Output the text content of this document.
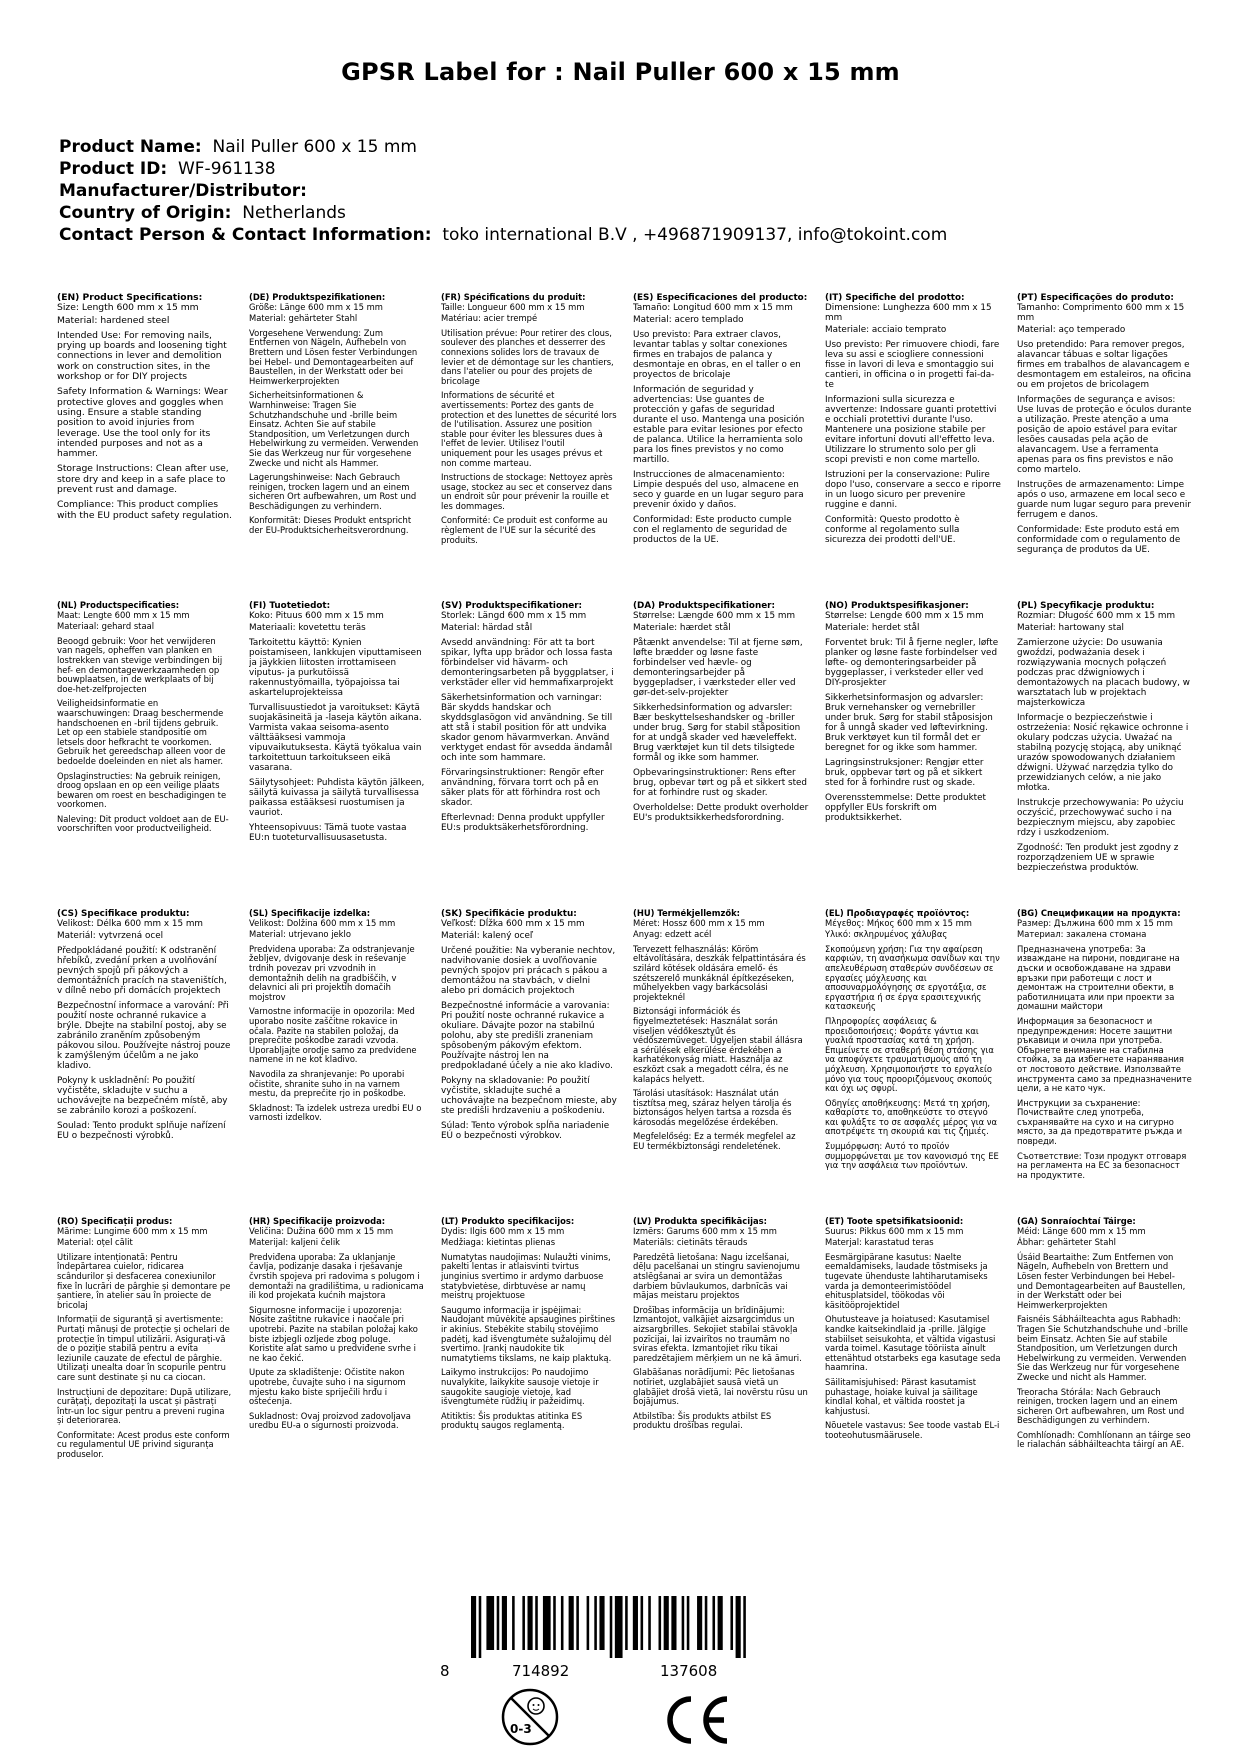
GPSR Label for : Nail Puller 600 x 15 mm
Product Name: Nail Puller 600 x 15 mm
Product ID: WF-961138
Manufacturer/Distributor:
Country of Origin: Netherlands
Contact Person & Contact Information: toko international B.V , +496871909137, info@tokoint.com
(EN) Product Specifications:
Size: Length 600 mm x 15 mm
Material: hardened steel
Intended Use: For removing nails, prying up boards and loosening tight connections in lever and demolition work on construction sites, in the workshop or for DIY projects
Safety Information & Warnings: Wear protective gloves and goggles when using. Ensure a stable standing position to avoid injuries from leverage. Use the tool only for its intended purposes and not as a hammer.
Storage Instructions: Clean after use, store dry and keep in a safe place to prevent rust and damage.
Compliance: This product complies with the EU product safety regulation.
(DE) Produktspezifikationen:
Größe: Länge 600 mm x 15 mm
Material: gehärteter Stahl
Vorgesehene Verwendung: Zum Entfernen von Nägeln, Aufhebeln von Brettern und Lösen fester Verbindungen bei Hebel- und Demontagearbeiten auf Baustellen, in der Werkstatt oder bei Heimwerkerprojekten
Sicherheitsinformationen & Warnhinweise: Tragen Sie Schutzhandschuhe und -brille beim Einsatz. Achten Sie auf stabile Standposition, um Verletzungen durch Hebelwirkung zu vermeiden. Verwenden Sie das Werkzeug nur für vorgesehene Zwecke und nicht als Hammer.
Lagerungshinweise: Nach Gebrauch reinigen, trocken lagern und an einem sicheren Ort aufbewahren, um Rost und Beschädigungen zu verhindern.
Konformität: Dieses Produkt entspricht der EU-Produktsicherheitsverordnung.
(FR) Spécifications du produit:
Taille: Longueur 600 mm x 15 mm
Matériau: acier trempé
Utilisation prévue: Pour retirer des clous, soulever des planches et desserrer des connexions solides lors de travaux de levier et de démontage sur les chantiers, dans l'atelier ou pour des projets de bricolage
Informations de sécurité et avertissements: Portez des gants de protection et des lunettes de sécurité lors de l'utilisation. Assurez une position stable pour éviter les blessures dues à l'effet de levier. Utilisez l'outil uniquement pour les usages prévus et non comme marteau.
Instructions de stockage: Nettoyez après usage, stockez au sec et conservez dans un endroit sûr pour prévenir la rouille et les dommages.
Conformité: Ce produit est conforme au règlement de l'UE sur la sécurité des produits.
(ES) Especificaciones del producto:
Tamaño: Longitud 600 mm x 15 mm
Material: acero templado
Uso previsto: Para extraer clavos, levantar tablas y soltar conexiones firmes en trabajos de palanca y desmontaje en obras, en el taller o en proyectos de bricolaje
Información de seguridad y advertencias: Use guantes de protección y gafas de seguridad durante el uso. Mantenga una posición estable para evitar lesiones por efecto de palanca. Utilice la herramienta solo para los fines previstos y no como martillo.
Instrucciones de almacenamiento: Limpie después del uso, almacene en seco y guarde en un lugar seguro para prevenir óxido y daños.
Conformidad: Este producto cumple con el reglamento de seguridad de productos de la UE.
(IT) Specifiche del prodotto:
Dimensione: Lunghezza 600 mm x 15 mm
Materiale: acciaio temprato
Uso previsto: Per rimuovere chiodi, fare leva su assi e sciogliere connessioni fisse in lavori di leva e smontaggio sui cantieri, in officina o in progetti fai-da-te
Informazioni sulla sicurezza e avvertenze: Indossare guanti protettivi e occhiali protettivi durante l'uso. Mantenere una posizione stabile per evitare infortuni dovuti all'effetto leva. Utilizzare lo strumento solo per gli scopi previsti e non come martello.
Istruzioni per la conservazione: Pulire dopo l'uso, conservare a secco e riporre in un luogo sicuro per prevenire ruggine e danni.
Conformità: Questo prodotto è conforme al regolamento sulla sicurezza dei prodotti dell'UE.
(PT) Especificações do produto:
Tamanho: Comprimento 600 mm x 15 mm
Material: aço temperado
Uso pretendido: Para remover pregos, alavancar tábuas e soltar ligações firmes em trabalhos de alavancagem e desmontagem em estaleiros, na oficina ou em projetos de bricolagem
Informações de segurança e avisos: Use luvas de proteção e óculos durante a utilização. Preste atenção a uma posição de apoio estável para evitar lesões causadas pela ação de alavancagem. Use a ferramenta apenas para os fins previstos e não como martelo.
Instruções de armazenamento: Limpe após o uso, armazene em local seco e guarde num lugar seguro para prevenir ferrugem e danos.
Conformidade: Este produto está em conformidade com o regulamento de segurança de produtos da UE.
(NL) Productspecificaties:
Maat: Lengte 600 mm x 15 mm
Materiaal: gehard staal
Beoogd gebruik: Voor het verwijderen van nagels, opheffen van planken en lostrekken van stevige verbindingen bij hef- en demontagewerkzaamheden op bouwplaatsen, in de werkplaats of bij doe-het-zelfprojecten
Veiligheidsinformatie en waarschuwingen: Draag beschermende handschoenen en -bril tijdens gebruik. Let op een stabiele standpositie om letsels door hefkracht te voorkomen. Gebruik het gereedschap alleen voor de bedoelde doeleinden en niet als hamer.
Opslaginstructies: Na gebruik reinigen, droog opslaan en op een veilige plaats bewaren om roest en beschadigingen te voorkomen.
Naleving: Dit product voldoet aan de EU-voorschriften voor productveiligheid.
(FI) Tuotetiedot:
Koko: Pituus 600 mm x 15 mm
Materiaali: kovetettu teräs
Tarkoitettu käyttö: Kynien poistamiseen, lankkujen viputtamiseen ja jäykkien liitosten irrottamiseen viputus- ja purkutöissä rakennustyömailla, työpajoissa tai askarteluprojekteissa
Turvallisuustiedot ja varoitukset: Käytä suojakäsineitä ja -laseja käytön aikana. Varmista vakaa seisoma-asento välttääksesi vammoja vipuvaikutuksesta. Käytä työkalua vain tarkoitettuun tarkoitukseen eikä vasarana.
Säilytysohjeet: Puhdista käytön jälkeen, säilytä kuivassa ja säilytä turvallisessa paikassa estääksesi ruostumisen ja vauriot.
Yhteensopivuus: Tämä tuote vastaa EU:n tuoteturvallisuusasetusta.
(SV) Produktspecifikationer:
Storlek: Längd 600 mm x 15 mm
Material: härdad stål
Avsedd användning: För att ta bort spikar, lyfta upp brädor och lossa fasta förbindelser vid hävarm- och demonteringsarbeten på byggplatser, i verkstäder eller vid hemmafixarprojekt
Säkerhetsinformation och varningar: Bär skydds handskar och skyddsglasögon vid användning. Se till att stå i stabil position för att undvika skador genom hävarmverkan. Använd verktyget endast för avsedda ändamål och inte som hammare.
Förvaringsinstruktioner: Rengör efter användning, förvara torrt och på en säker plats för att förhindra rost och skador.
Efterlevnad: Denna produkt uppfyller EU:s produktsäkerhetsförordning.
(DA) Produktspecifikationer:
Størrelse: Længde 600 mm x 15 mm
Materiale: hærdet stål
Påtænkt anvendelse: Til at fjerne søm, løfte brædder og løsne faste forbindelser ved hævle- og demonteringsarbejder på byggepladser, i værksteder eller ved gør-det-selv-projekter
Sikkerhedsinformation og advarsler: Bær beskyttelseshandsker og -briller under brug. Sørg for stabil ståposition for at undgå skader ved hæveleffekt. Brug værktøjet kun til dets tilsigtede formål og ikke som hammer.
Opbevaringsinstruktioner: Rens efter brug, opbevar tørt og på et sikkert sted for at forhindre rust og skader.
Overholdelse: Dette produkt overholder EU's produktsikkerhedsforordning.
(NO) Produktspesifikasjoner:
Størrelse: Lengde 600 mm x 15 mm
Materiale: herdet stål
Forventet bruk: Til å fjerne negler, løfte planker og løsne faste forbindelser ved løfte- og demonteringsarbeider på byggeplasser, i verksteder eller ved DIY-prosjekter
Sikkerhetsinformasjon og advarsler: Bruk vernehansker og vernebriller under bruk. Sørg for stabil ståposisjon for å unngå skader ved løftevirkning. Bruk verktøyet kun til formål det er beregnet for og ikke som hammer.
Lagringsinstruksjoner: Rengjør etter bruk, oppbevar tørt og på et sikkert sted for å forhindre rust og skade.
Overensstemmelse: Dette produktet oppfyller EUs forskrift om produktsikkerhet.
(PL) Specyfikacje produktu:
Rozmiar: Długość 600 mm x 15 mm
Materiał: hartowany stal
Zamierzone użycie: Do usuwania gwoździ, podważania desek i rozwiązywania mocnych połączeń podczas prac dźwigniowych i demontażowych na placach budowy, w warsztatach lub w projektach majsterkowicza
Informacje o bezpieczeństwie i ostrzeżenia: Nosić rękawice ochronne i okulary podczas użycia. Uważać na stabilną pozycję stojącą, aby uniknąć urazów spowodowanych działaniem dźwigni. Używać narzędzia tylko do przewidzianych celów, a nie jako młotka.
Instrukcje przechowywania: Po użyciu oczyścić, przechowywać sucho i na bezpiecznym miejscu, aby zapobiec rdzy i uszkodzeniom.
Zgodność: Ten produkt jest zgodny z rozporządzeniem UE w sprawie bezpieczeństwa produktów.
(CS) Specifikace produktu:
Velikost: Délka 600 mm x 15 mm
Materiál: vytvrzená ocel
Předpokládané použití: K odstranění hřebíků, zvedání prken a uvolňování pevných spojů při pákových a demontážních pracích na staveništích, v dílně nebo při domácích projektech
Bezpečnostní informace a varování: Při použití noste ochranné rukavice a brýle. Dbejte na stabilní postoj, aby se zabránilo zraněním způsobeným pákovou silou. Používejte nástroj pouze k zamýšleným účelům a ne jako kladivo.
Pokyny k uskladnění: Po použití vyčistěte, skladujte v suchu a uchovávejte na bezpečném místě, aby se zabránilo korozi a poškození.
Soulad: Tento produkt splňuje nařízení EU o bezpečnosti výrobků.
(SL) Specifikacije izdelka:
Velikost: Dolžina 600 mm x 15 mm
Material: utrjevano jeklo
Predvidena uporaba: Za odstranjevanje žebljev, dvigovanje desk in reševanje trdnih povezav pri vzvodnih in demontažnih delih na gradbiščih, v delavnici ali pri projektih domačih mojstrov
Varnostne informacije in opozorila: Med uporabo nosite zaščitne rokavice in očala. Pazite na stabilen položaj, da preprečite poškodbe zaradi vzvoda. Uporabljajte orodje samo za predvidene namene in ne kot kladivo.
Navodila za shranjevanje: Po uporabi očistite, shranite suho in na varnem mestu, da preprečite rjo in poškodbe.
Skladnost: Ta izdelek ustreza uredbi EU o varnosti izdelkov.
(SK) Špecifikácie produktu:
Veľkosť: Dĺžka 600 mm x 15 mm
Materiál: kalený oceľ
Určené použitie: Na vyberanie nechtov, nadvihovanie dosiek a uvoľňovanie pevných spojov pri prácach s pákou a demontážou na stavbách, v dielni alebo pri domácich projektoch
Bezpečnostné informácie a varovania: Pri použití noste ochranné rukavice a okuliare. Dávajte pozor na stabilnú polohu, aby ste predišli zraneniam spôsobeným pákovým efektom. Používajte nástroj len na predpokladané účely a nie ako kladivo.
Pokyny na skladovanie: Po použití vyčistite, skladujte suché a uchovávajte na bezpečnom mieste, aby ste predišli hrdzaveniu a poškodeniu.
Súlad: Tento výrobok spĺňa nariadenie EÚ o bezpečnosti výrobkov.
(HU) Termékjellemzők:
Méret: Hossz 600 mm x 15 mm
Anyag: edzett acél
Tervezett felhasználás: Köröm eltávolítására, deszkák felpattintására és szilárd kötések oldására emelő- és szétszerelő munkáknál építkezéseken, műhelyekben vagy barkácsolási projekteknél
Biztonsági információk és figyelmeztetések: Használat során viseljen védőkesztyűt és védőszemüveget. Ügyeljen stabil állásra a sérülések elkerülése érdekében a karhatékonyság miatt. Használja az eszközt csak a megadott célra, és ne kalapács helyett.
Tárolási utasítások: Használat után tisztítsa meg, száraz helyen tárolja és biztonságos helyen tartsa a rozsda és károsodás megelőzése érdekében.
Megfelelőség: Ez a termék megfelel az EU termékbiztonsági rendeletének.
(EL) Προδιαγραφές προϊόντος:
Μέγεθος: Μήκος 600 mm x 15 mm
Υλικό: σκληρυμένος χάλυβας
Σκοπούμενη χρήση: Για την αφαίρεση καρφιών, τη ανασήκωμα σανίδων και την απελευθέρωση σταθερών συνδέσεων σε εργασίες μόχλευσης και αποσυναρμολόγησης σε εργοτάξια, σε εργαστήρια ή σε έργα ερασιτεχνικής κατασκευής
Πληροφορίες ασφάλειας & προειδοποιήσεις: Φοράτε γάντια και γυαλιά προστασίας κατά τη χρήση. Επιμείνετε σε σταθερή θέση στάσης για να αποφύγετε τραυματισμούς από τη μόχλευση. Χρησιμοποιήστε το εργαλείο μόνο για τους προοριζόμενους σκοπούς και όχι ως σφυρί.
Οδηγίες αποθήκευσης: Μετά τη χρήση, καθαρίστε το, αποθηκεύστε το στεγνό και φυλάξτε το σε ασφαλές μέρος για να αποτρέψετε τη σκουριά και τις ζημιές.
Συμμόρφωση: Αυτό το προϊόν συμμορφώνεται με τον κανονισμό της ΕΕ για την ασφάλεια των προϊόντων.
(BG) Спецификации на продукта:
Размер: Дължина 600 mm x 15 mm
Материал: закалена стомана
Предназначена употреба: За изваждане на пирони, повдигане на дъски и освобождаване на здрави връзки при работещи с лост и демонтаж на строителни обекти, в работилницата или при проекти за домашни майстори
Информация за безопасност и предупреждения: Носете защитни ръкавици и очила при употреба. Обърнете внимание на стабилна стойка, за да избегнете наранявания от лостовото действие. Използвайте инструмента само за предназначените цели, а не като чук.
Инструкции за съхранение: Почиствайте след употреба, съхранявайте на сухо и на сигурно място, за да предотвратите ръжда и повреди.
Съответствие: Този продукт отговаря на регламента на ЕС за безопасност на продуктите.
(RO) Specificații produs:
Mărime: Lungime 600 mm x 15 mm
Material: oțel călit
Utilizare intenționată: Pentru îndepărtarea cuielor, ridicarea scândurilor și desfacerea conexiunilor fixe în lucrări de pârghie și demontare pe șantiere, în atelier sau în proiecte de bricolaj
Informații de siguranță și avertismente: Purtați mănuși de protecție și ochelari de protecție în timpul utilizării. Asigurați-vă de o poziție stabilă pentru a evita leziunile cauzate de efectul de pârghie. Utilizați unealta doar în scopurile pentru care sunt destinate și nu ca ciocan.
Instrucțiuni de depozitare: După utilizare, curățați, depozitați la uscat și păstrați într-un loc sigur pentru a preveni rugina și deteriorarea.
Conformitate: Acest produs este conform cu regulamentul UE privind siguranța produselor.
(HR) Specifikacije proizvoda:
Veličina: Dužina 600 mm x 15 mm
Materijal: kaljeni čelik
Predviđena uporaba: Za uklanjanje čavlja, podizanje dasaka i rješavanje čvrstih spojeva pri radovima s polugom i demontaži na gradilištima, u radionicama ili kod projekata kućnih majstora
Sigurnosne informacije i upozorenja: Nosite zaštitne rukavice i naočale pri upotrebi. Pazite na stabilan položaj kako biste izbjegli ozljede zbog poluge. Koristite alat samo u predviđene svrhe i ne kao čekić.
Upute za skladištenje: Očistite nakon upotrebe, čuvajte suho i na sigurnom mjestu kako biste spriječili hrđu i oštećenja.
Sukladnost: Ovaj proizvod zadovoljava uredbu EU-a o sigurnosti proizvoda.
(LT) Produkto specifikacijos:
Dydis: Ilgis 600 mm x 15 mm
Medžiaga: kietintas plienas
Numatytas naudojimas: Nulaužti vinims, pakelti lentas ir atlaisvinti tvirtus junginius svertimo ir ardymo darbuose statybvietėse, dirbtuvėse ar namų meistrų projektuose
Saugumo informacija ir įspėjimai: Naudojant mūvėkite apsaugines pirštines ir akinius. Stebėkite stabilų stovėjimo padėtį, kad išvengtumėte sužalojimų dėl svertimo. Įrankį naudokite tik numatytiems tikslams, ne kaip plaktuką.
Laikymo instrukcijos: Po naudojimo nuvalykite, laikykite sausoje vietoje ir saugokite saugioje vietoje, kad išvengtumėte rūdžių ir pažeidimų.
Atitiktis: Šis produktas atitinka ES produktų saugos reglamentą.
(LV) Produkta specifikācijas:
Izmērs: Garums 600 mm x 15 mm
Materiāls: cietināts tērauds
Paredzētā lietošana: Nagu izcelšanai, dēļu pacelšanai un stingru savienojumu atslēgšanai ar svira un demontāžas darbiem būvlaukumos, darbnīcās vai mājas meistaru projektos
Drošības informācija un brīdinājumi: Izmantojot, valkājiet aizsargcimdus un aizsargbrilles. Sekojiet stabilai stāvokļa pozīcijai, lai izvairītos no traumām no sviras efekta. Izmantojiet rīku tikai paredzētajiem mērķiem un ne kā āmuri.
Glabāšanas norādījumi: Pēc lietošanas notīriet, uzglabājiet sausā vietā un glabājiet drošā vietā, lai novērstu rūsu un bojājumus.
Atbilstība: Šis produkts atbilst ES produktu drošības regulai.
(ET) Toote spetsifikatsioonid:
Suurus: Pikkus 600 mm x 15 mm
Materjal: karastatud teras
Eesmärgipärane kasutus: Naelte eemaldamiseks, laudade tõstmiseks ja tugevate ühenduste lahtiharutamiseks varda ja demonteerimistöödel ehitusplatsidel, töökodas või käsitööprojektidel
Ohutusteave ja hoiatused: Kasutamisel kandke kaitsekindlaid ja -prille. Jälgige stabiilset seisukohta, et vältida vigastusi varda toimel. Kasutage tööriista ainult ettenähtud otstarbeks ega kasutage seda haamrina.
Säilitamisjuhised: Pärast kasutamist puhastage, hoiake kuival ja säilitage kindlal kohal, et vältida roostet ja kahjustusi.
Nõuetele vastavus: See toode vastab EL-i tooteohutusmäärusele.
(GA) Sonraíochtaí Táirge:
Méid: Länge 600 mm x 15 mm
Ábhar: gehärteter Stahl
Úsáid Beartaithe: Zum Entfernen von Nägeln, Aufhebeln von Brettern und Lösen fester Verbindungen bei Hebel- und Demontagearbeiten auf Baustellen, in der Werkstatt oder bei Heimwerkerprojekten
Faisnéis Sábháilteachta agus Rabhadh: Tragen Sie Schutzhandschuhe und -brille beim Einsatz. Achten Sie auf stabile Standposition, um Verletzungen durch Hebelwirkung zu vermeiden. Verwenden Sie das Werkzeug nur für vorgesehene Zwecke und nicht als Hammer.
Treoracha Stórála: Nach Gebrauch reinigen, trocken lagern und an einem sicheren Ort aufbewahren, um Rost und Beschädigungen zu verhindern.
Comhlíonadh: Comhlíonann an táirge seo le rialachán sábháilteachta táirgí an AE.
8	714892	137608
0-3
